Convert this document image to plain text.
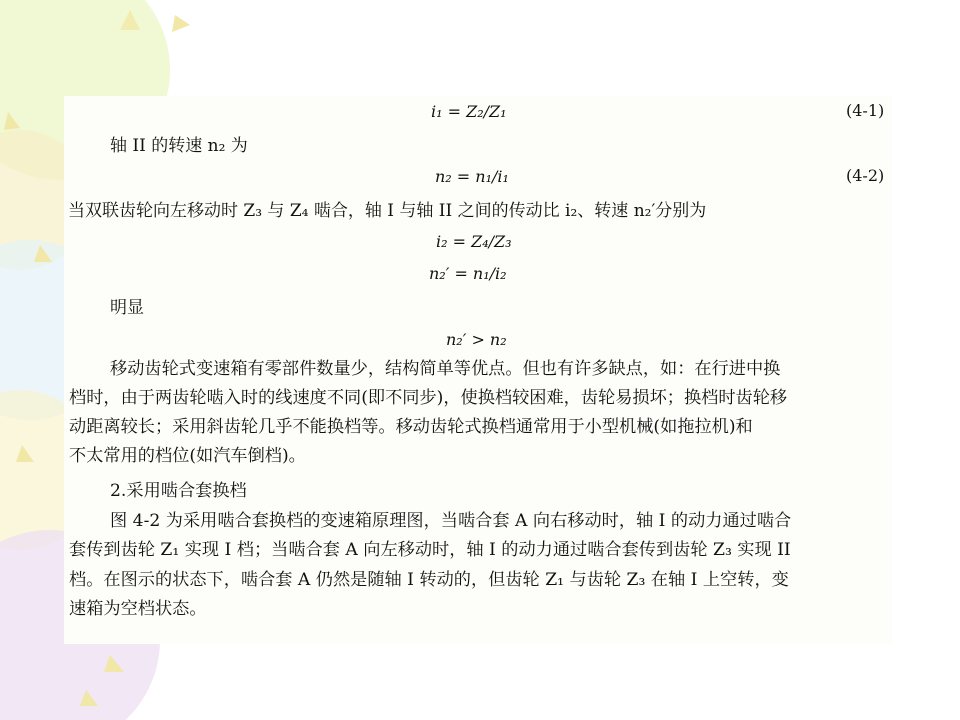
i₁ = Z₂/Z₁	(4-1)
轴 II 的转速 n₂ 为
n₂ = n₁/i₁	(4-2)
当双联齿轮向左移动时 Z₃ 与 Z₄ 啮合，轴 I 与轴 II 之间的传动比 i₂、转速 n₂′分别为
i₂ = Z₄/Z₃
n₂′ = n₁/i₂
明显
n₂′ > n₂
移动齿轮式变速箱有零部件数量少，结构简单等优点。但也有许多缺点，如：在行进中换
档时，由于两齿轮啮入时的线速度不同(即不同步)，使换档较困难，齿轮易损坏；换档时齿轮移
动距离较长；采用斜齿轮几乎不能换档等。移动齿轮式换档通常用于小型机械(如拖拉机)和
不太常用的档位(如汽车倒档)。
2.采用啮合套换档
图 4-2 为采用啮合套换档的变速箱原理图，当啮合套 A 向右移动时，轴 I 的动力通过啮合
套传到齿轮 Z₁ 实现 I 档；当啮合套 A 向左移动时，轴 I 的动力通过啮合套传到齿轮 Z₃ 实现 II
档。在图示的状态下，啮合套 A 仍然是随轴 I 转动的，但齿轮 Z₁ 与齿轮 Z₃ 在轴 I 上空转，变
速箱为空档状态。
